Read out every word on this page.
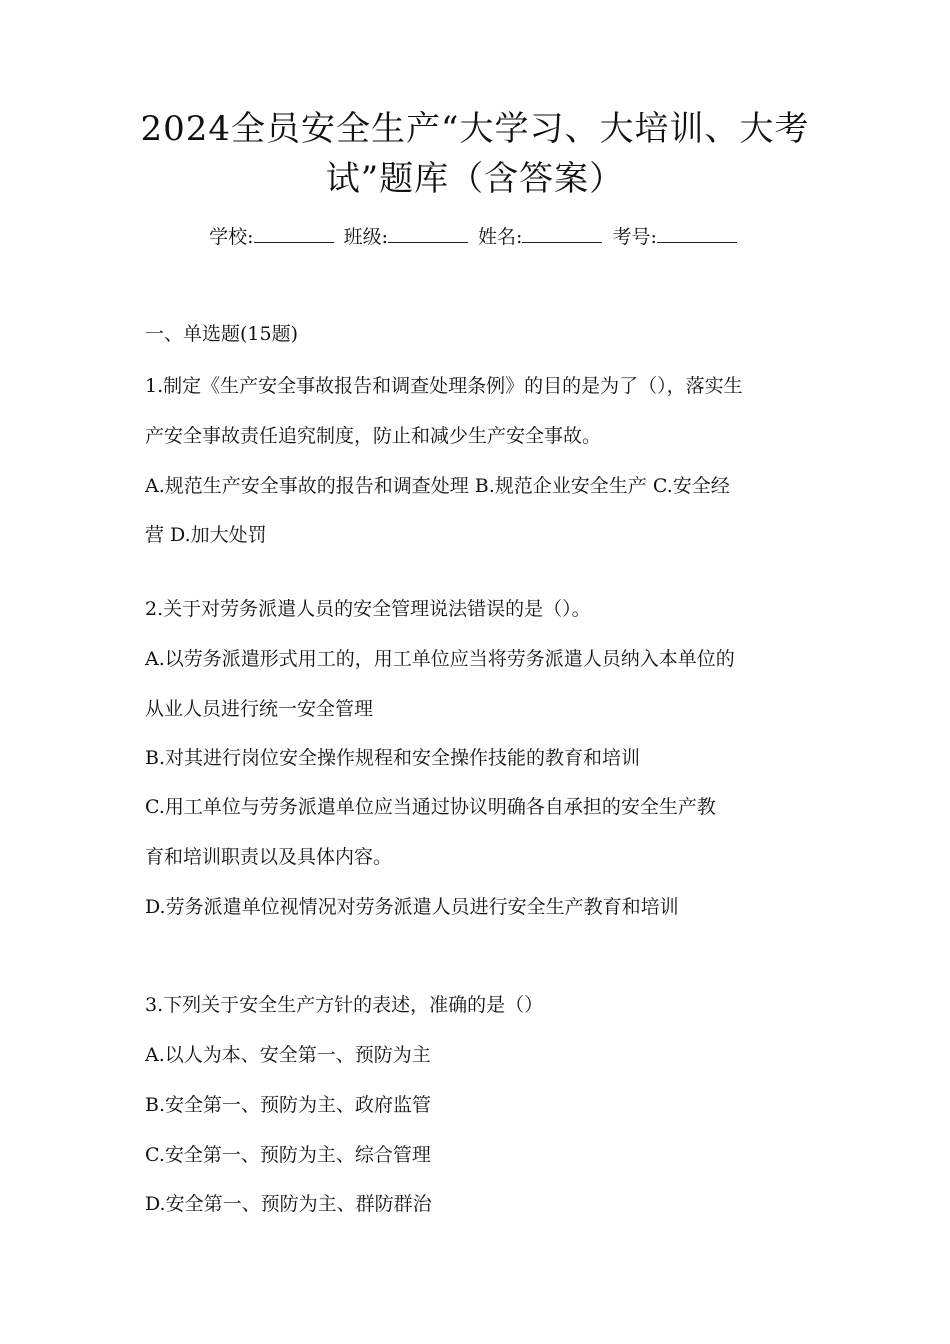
2024全员安全生产“大学习、大培训、大考
试”题库（含答案）
学校:	班级:	姓名:	考号:
一、单选题(15题)
1.制定《生产安全事故报告和调查处理条例》的目的是为了（），落实生
产安全事故责任追究制度，防止和减少生产安全事故。
A.规范生产安全事故的报告和调查处理 B.规范企业安全生产 C.安全经
营 D.加大处罚
2.关于对劳务派遣人员的安全管理说法错误的是（）。
A.以劳务派遣形式用工的，用工单位应当将劳务派遣人员纳入本单位的
从业人员进行统一安全管理
B.对其进行岗位安全操作规程和安全操作技能的教育和培训
C.用工单位与劳务派遣单位应当通过协议明确各自承担的安全生产教
育和培训职责以及具体内容。
D.劳务派遣单位视情况对劳务派遣人员进行安全生产教育和培训
3.下列关于安全生产方针的表述，准确的是（）
A.以人为本、安全第一、预防为主
B.安全第一、预防为主、政府监管
C.安全第一、预防为主、综合管理
D.安全第一、预防为主、群防群治
